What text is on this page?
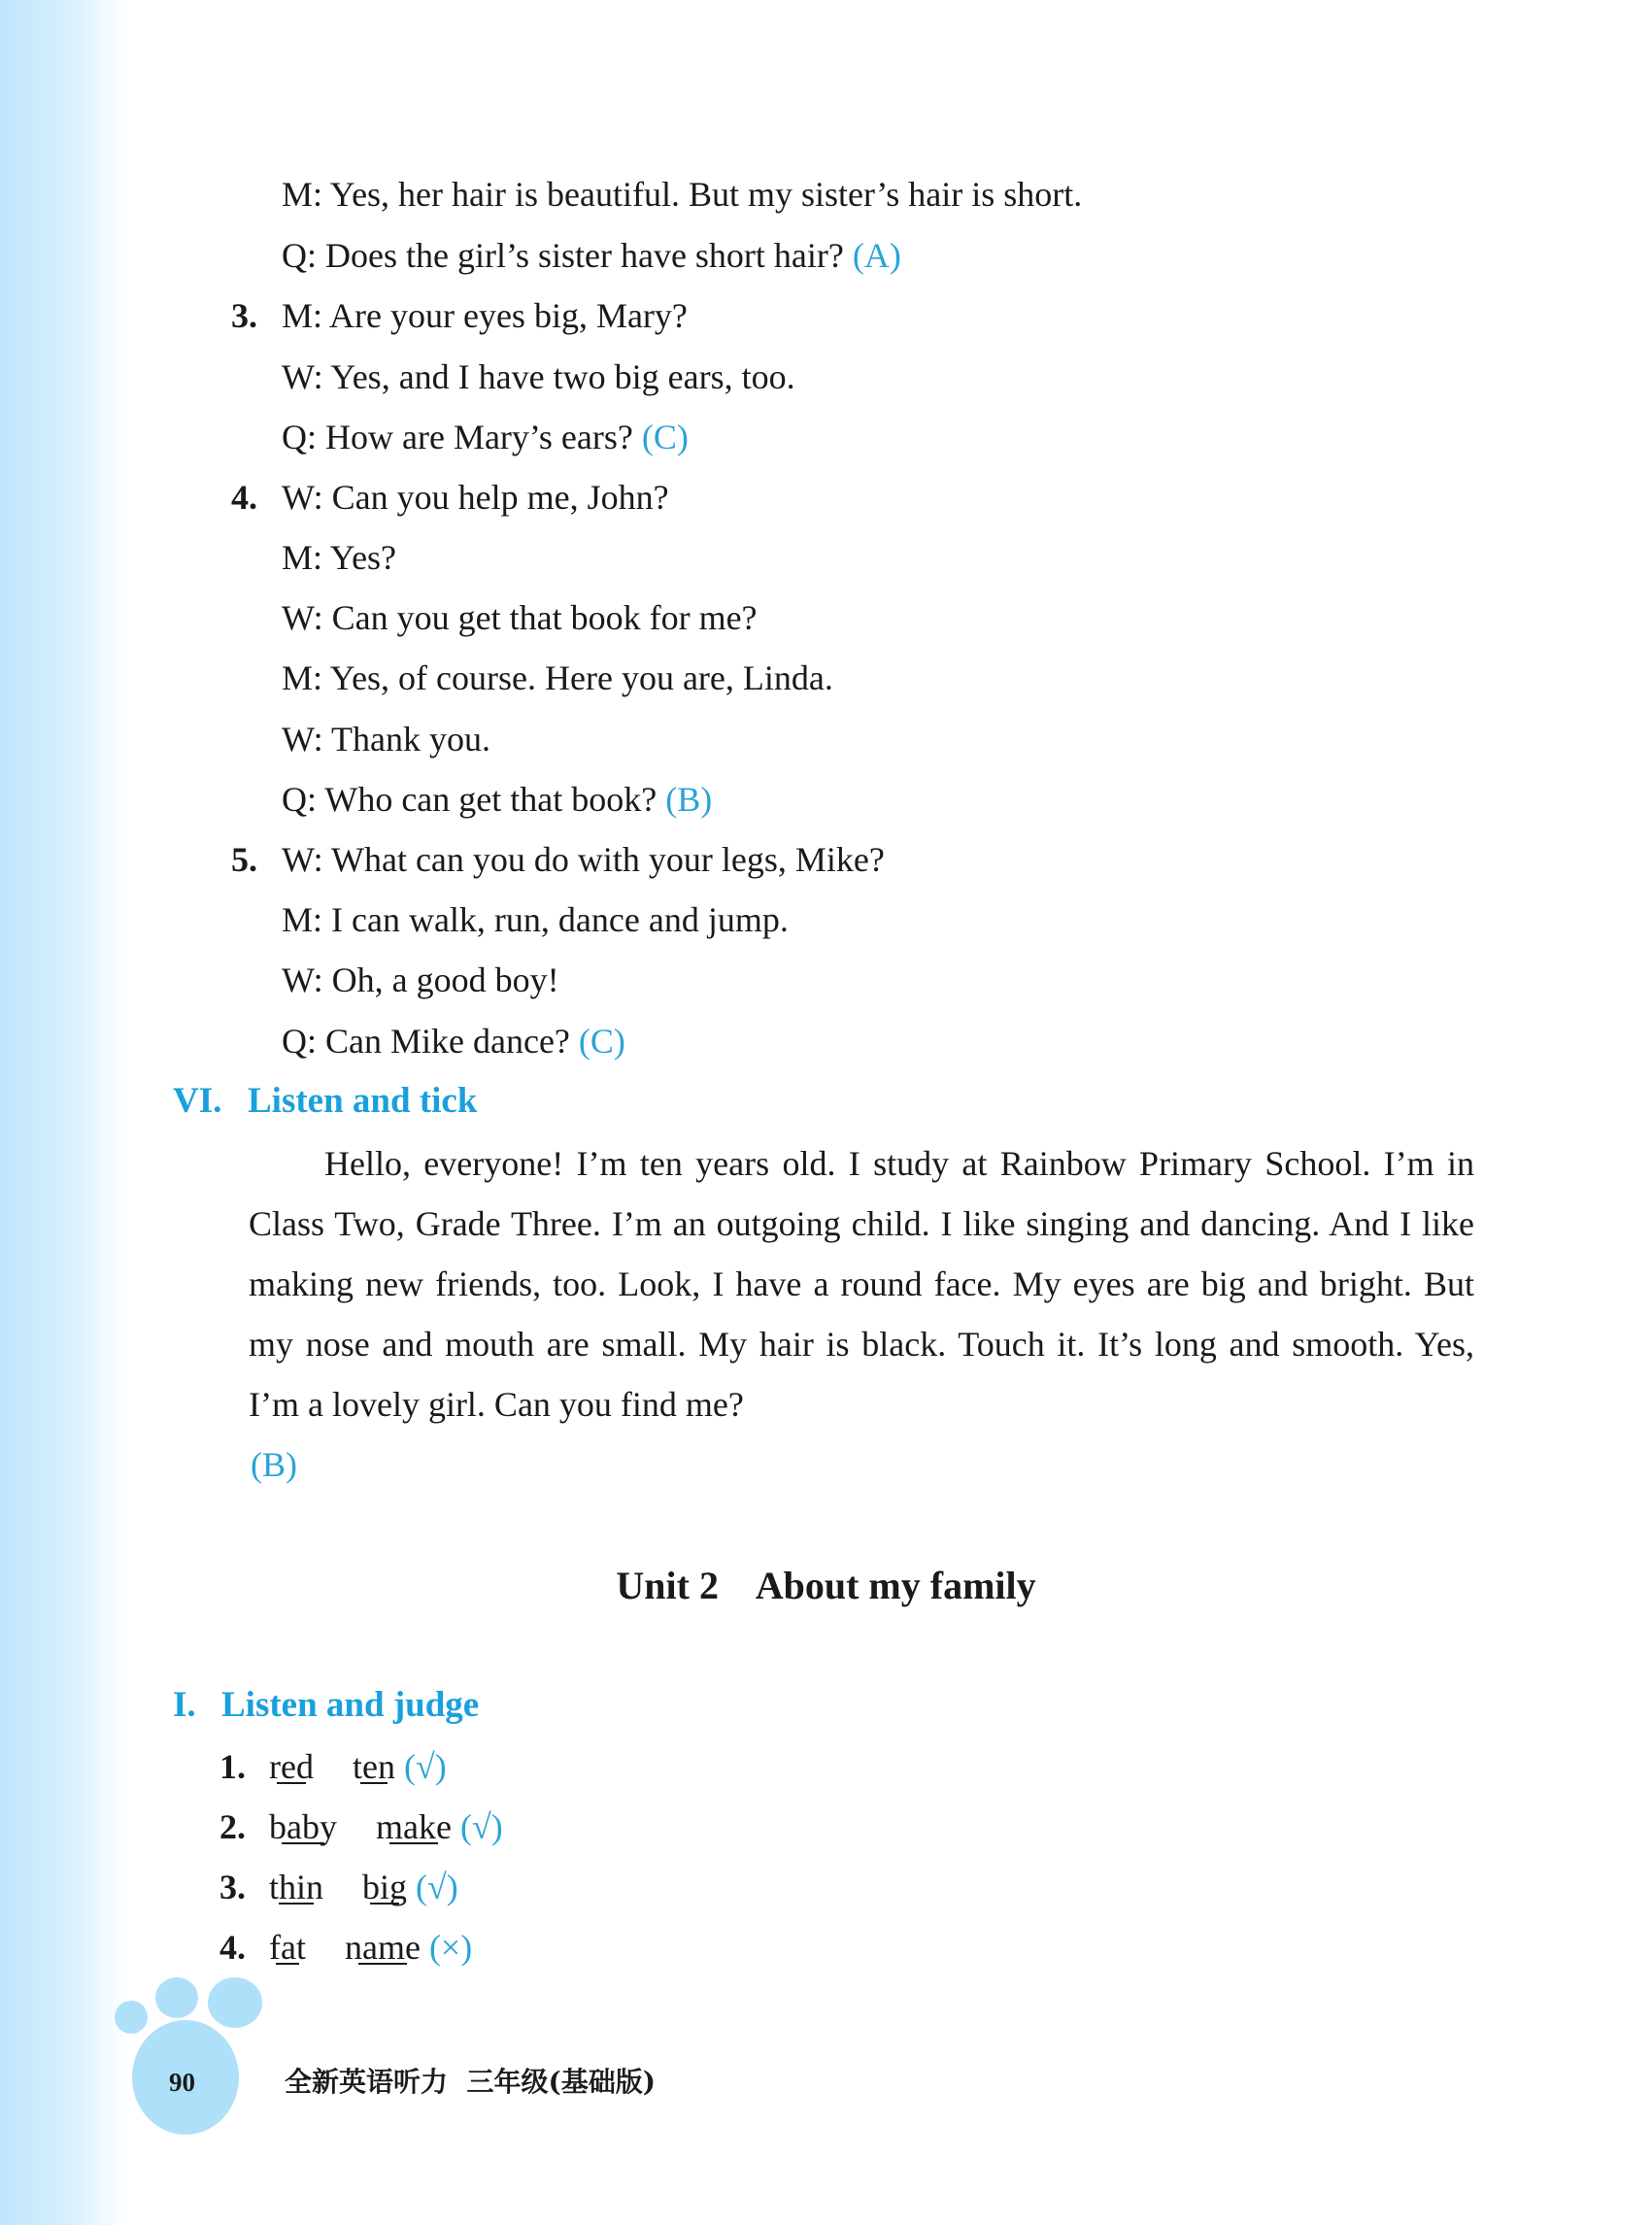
M: Yes, her hair is beautiful. But my sister’s hair is short.
Q: Does the girl’s sister have short hair? (A)
3. M: Are your eyes big, Mary?
W: Yes, and I have two big ears, too.
Q: How are Mary’s ears? (C)
4. W: Can you help me, John?
M: Yes?
W: Can you get that book for me?
M: Yes, of course. Here you are, Linda.
W: Thank you.
Q: Who can get that book? (B)
5. W: What can you do with your legs, Mike?
M: I can walk, run, dance and jump.
W: Oh, a good boy!
Q: Can Mike dance? (C)
VI. Listen and tick
Hello, everyone! I’m ten years old. I study at Rainbow Primary School. I’m in Class Two, Grade Three. I’m an outgoing child. I like singing and dancing. And I like making new friends, too. Look, I have a round face. My eyes are big and bright. But my nose and mouth are small. My hair is black. Touch it. It’s long and smooth. Yes, I’m a lovely girl. Can you find me?
(B)
Unit 2    About my family
I. Listen and judge
1. red ten (√)
2. baby make (√)
3. thin big (√)
4. fat name (×)
90	全新英语听力  三年级(基础版)
